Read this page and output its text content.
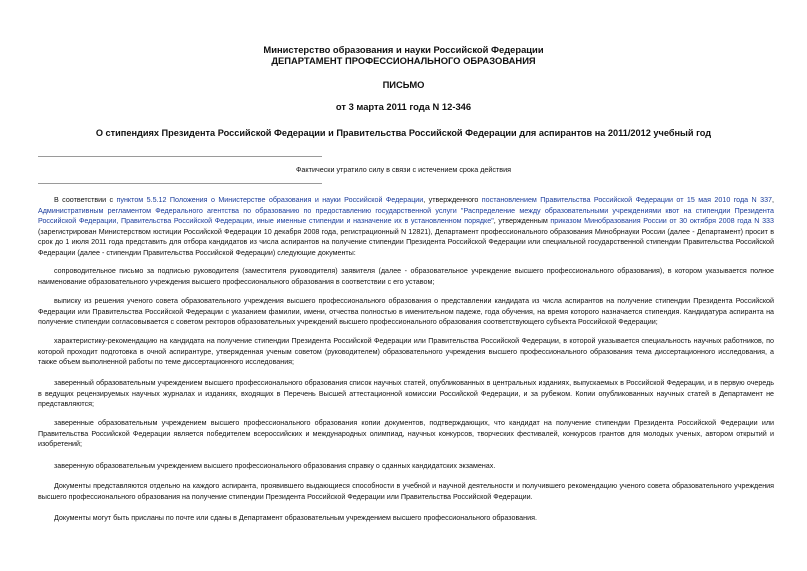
Министерство образования и науки Российской Федерации
ДЕПАРТАМЕНТ ПРОФЕССИОНАЛЬНОГО ОБРАЗОВАНИЯ
ПИСЬМО
от 3 марта 2011 года N 12-346
О стипендиях Президента Российской Федерации и Правительства Российской Федерации для аспирантов на 2011/2012 учебный год
Фактически утратило силу в связи с истечением срока действия
В соответствии с пунктом 5.5.12 Положения о Министерстве образования и науки Российской Федерации, утвержденного постановлением Правительства Российской Федерации от 15 мая 2010 года N 337, Административным регламентом Федерального агентства по образованию по предоставлению государственной услуги "Распределение между образовательными учреждениями квот на стипендии Президента Российской Федерации, Правительства Российской Федерации, иные именные стипендии и назначение их в установленном порядке", утвержденным приказом Минобразования России от 30 октября 2008 года N 333 (зарегистрирован Министерством юстиции Российской Федерации 10 декабря 2008 года, регистрационный N 12821), Департамент профессионального образования Минобрнауки России (далее - Департамент) просит в срок до 1 июля 2011 года представить для отбора кандидатов из числа аспирантов на получение стипендии Президента Российской Федерации или специальной государственной стипендии Правительства Российской Федерации (далее - стипендии Правительства Российской Федерации) следующие документы:
сопроводительное письмо за подписью руководителя (заместителя руководителя) заявителя (далее - образовательное учреждение высшего профессионального образования), в котором указывается полное наименование образовательного учреждения высшего профессионального образования в соответствии с его уставом;
выписку из решения ученого совета образовательного учреждения высшего профессионального образования о представлении кандидата из числа аспирантов на получение стипендии Президента Российской Федерации или Правительства Российской Федерации с указанием фамилии, имени, отчества полностью в именительном падеже, года обучения, на время которого назначается стипендия. Кандидатура аспиранта на получение стипендии согласовывается с советом ректоров образовательных учреждений высшего профессионального образования соответствующего субъекта Российской Федерации;
характеристику-рекомендацию на кандидата на получение стипендии Президента Российской Федерации или Правительства Российской Федерации, в которой указывается специальность научных работников, по которой проходит подготовка в очной аспирантуре, утвержденная ученым советом (руководителем) образовательного учреждения высшего профессионального образования тема диссертационного исследования, а также объем выполненной работы по теме диссертационного исследования;
заверенный образовательным учреждением высшего профессионального образования список научных статей, опубликованных в центральных изданиях, выпускаемых в Российской Федерации, и в первую очередь в ведущих рецензируемых научных журналах и изданиях, входящих в Перечень Высшей аттестационной комиссии Российской Федерации, и за рубежом. Копии опубликованных научных статей в Департамент не представляются;
заверенные образовательным учреждением высшего профессионального образования копии документов, подтверждающих, что кандидат на получение стипендии Президента Российской Федерации или Правительства Российской Федерации является победителем всероссийских и международных олимпиад, научных конкурсов, творческих фестивалей, конкурсов грантов для молодых ученых, автором открытий и изобретений;
заверенную образовательным учреждением высшего профессионального образования справку о сданных кандидатских экзаменах.
Документы представляются отдельно на каждого аспиранта, проявившего выдающиеся способности в учебной и научной деятельности и получившего рекомендацию ученого совета образовательного учреждения высшего профессионального образования на получение стипендии Президента Российской Федерации или Правительства Российской Федерации.
Документы могут быть присланы по почте или сданы в Департамент образовательным учреждением высшего профессионального образования.
